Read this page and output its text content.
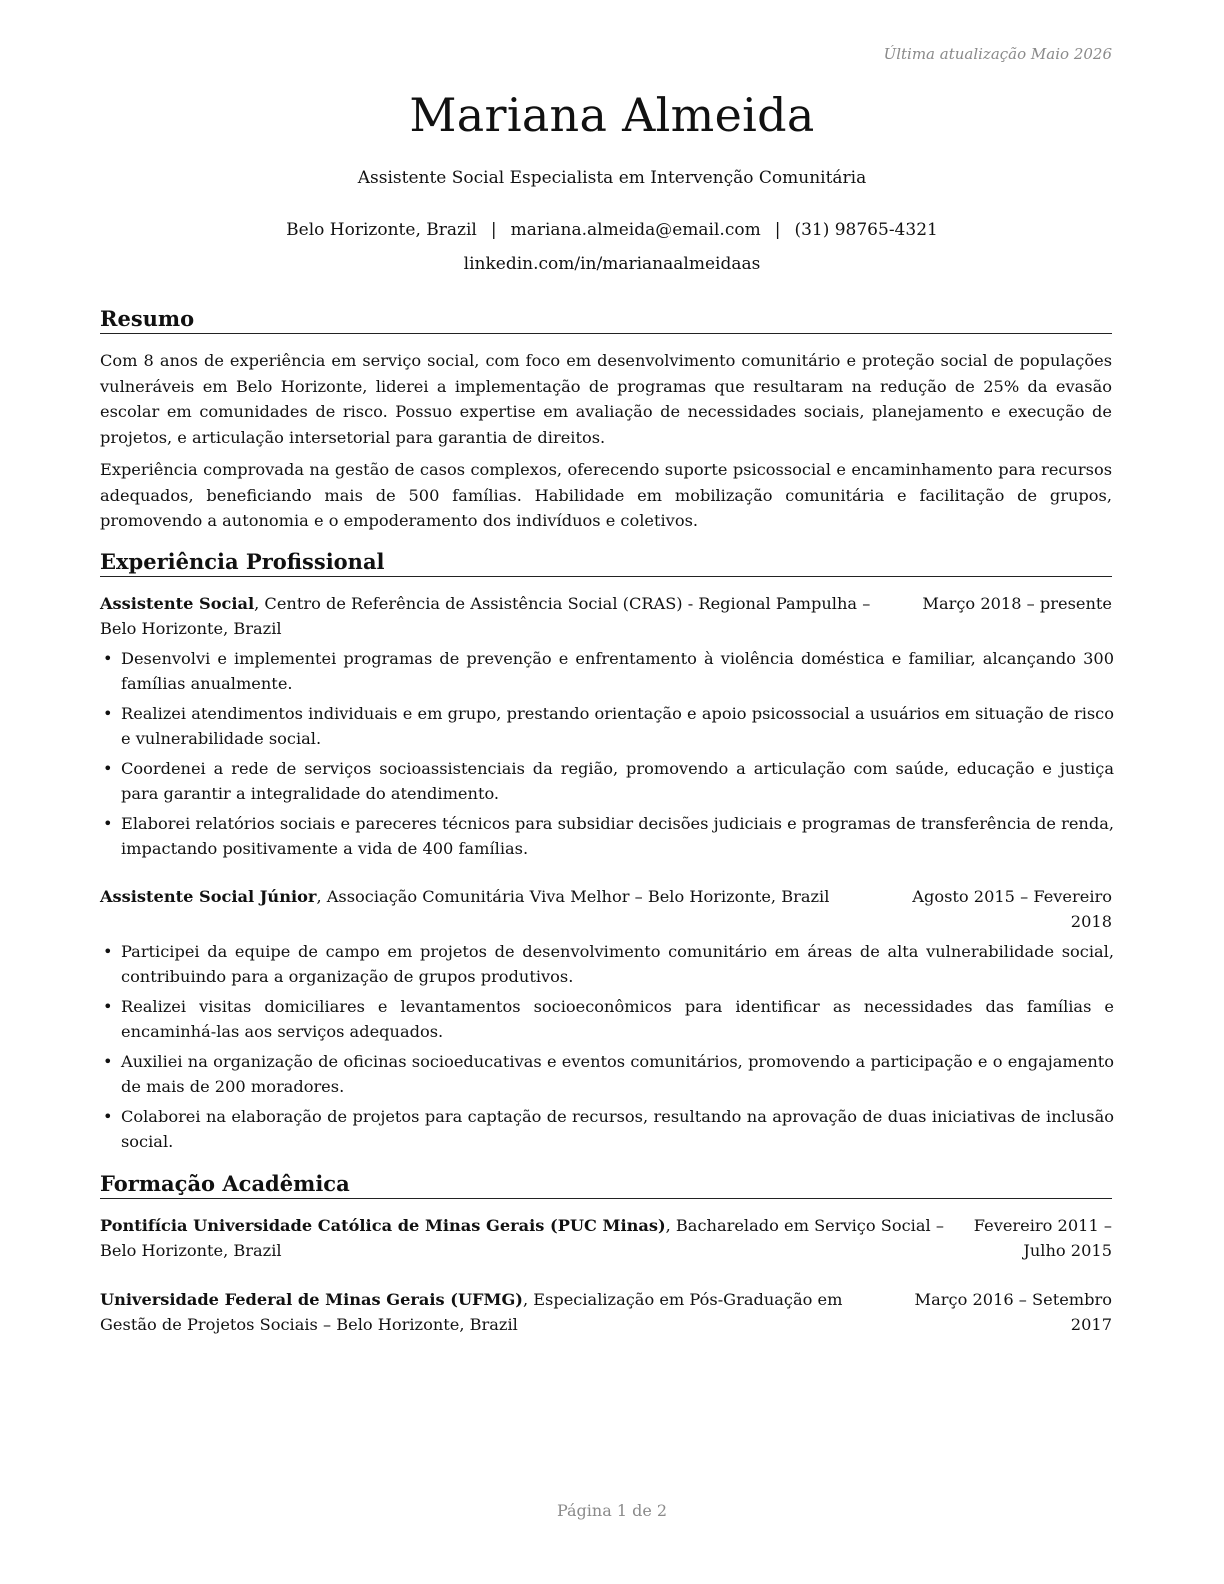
Última atualização Maio 2026
Mariana Almeida
Assistente Social Especialista em Intervenção Comunitária
Belo Horizonte, Brazil | mariana.almeida@email.com | (31) 98765-4321
linkedin.com/in/marianaalmeidaas
Resumo
Com 8 anos de experiência em serviço social, com foco em desenvolvimento comunitário e proteção social de populações vulneráveis em Belo Horizonte, liderei a implementação de programas que resultaram na redução de 25% da evasão escolar em comunidades de risco. Possuo expertise em avaliação de necessidades sociais, planejamento e execução de projetos, e articulação intersetorial para garantia de direitos.
Experiência comprovada na gestão de casos complexos, oferecendo suporte psicossocial e encaminhamento para recursos adequados, beneficiando mais de 500 famílias. Habilidade em mobilização comunitária e facilitação de grupos, promovendo a autonomia e o empoderamento dos indivíduos e coletivos.
Experiência Profissional
Assistente Social, Centro de Referência de Assistência Social (CRAS) - Regional Pampulha – Belo Horizonte, Brazil
Março 2018 – presente
• Desenvolvi e implementei programas de prevenção e enfrentamento à violência doméstica e familiar, alcançando 300 famílias anualmente.
• Realizei atendimentos individuais e em grupo, prestando orientação e apoio psicossocial a usuários em situação de risco e vulnerabilidade social.
• Coordenei a rede de serviços socioassistenciais da região, promovendo a articulação com saúde, educação e justiça para garantir a integralidade do atendimento.
• Elaborei relatórios sociais e pareceres técnicos para subsidiar decisões judiciais e programas de transferência de renda, impactando positivamente a vida de 400 famílias.
Assistente Social Júnior, Associação Comunitária Viva Melhor – Belo Horizonte, Brazil	Agosto 2015 – Fevereiro 2018
• Participei da equipe de campo em projetos de desenvolvimento comunitário em áreas de alta vulnerabilidade social, contribuindo para a organização de grupos produtivos.
• Realizei visitas domiciliares e levantamentos socioeconômicos para identificar as necessidades das famílias e encaminhá-las aos serviços adequados.
• Auxiliei na organização de oficinas socioeducativas e eventos comunitários, promovendo a participação e o engajamento de mais de 200 moradores.
• Colaborei na elaboração de projetos para captação de recursos, resultando na aprovação de duas iniciativas de inclusão social.
Formação Acadêmica
Pontifícia Universidade Católica de Minas Gerais (PUC Minas), Bacharelado em Serviço Social – Belo Horizonte, Brazil
Fevereiro 2011 – Julho 2015
Universidade Federal de Minas Gerais (UFMG), Especialização em Pós-Graduação em Gestão de Projetos Sociais – Belo Horizonte, Brazil
Março 2016 – Setembro 2017
Página 1 de 2
